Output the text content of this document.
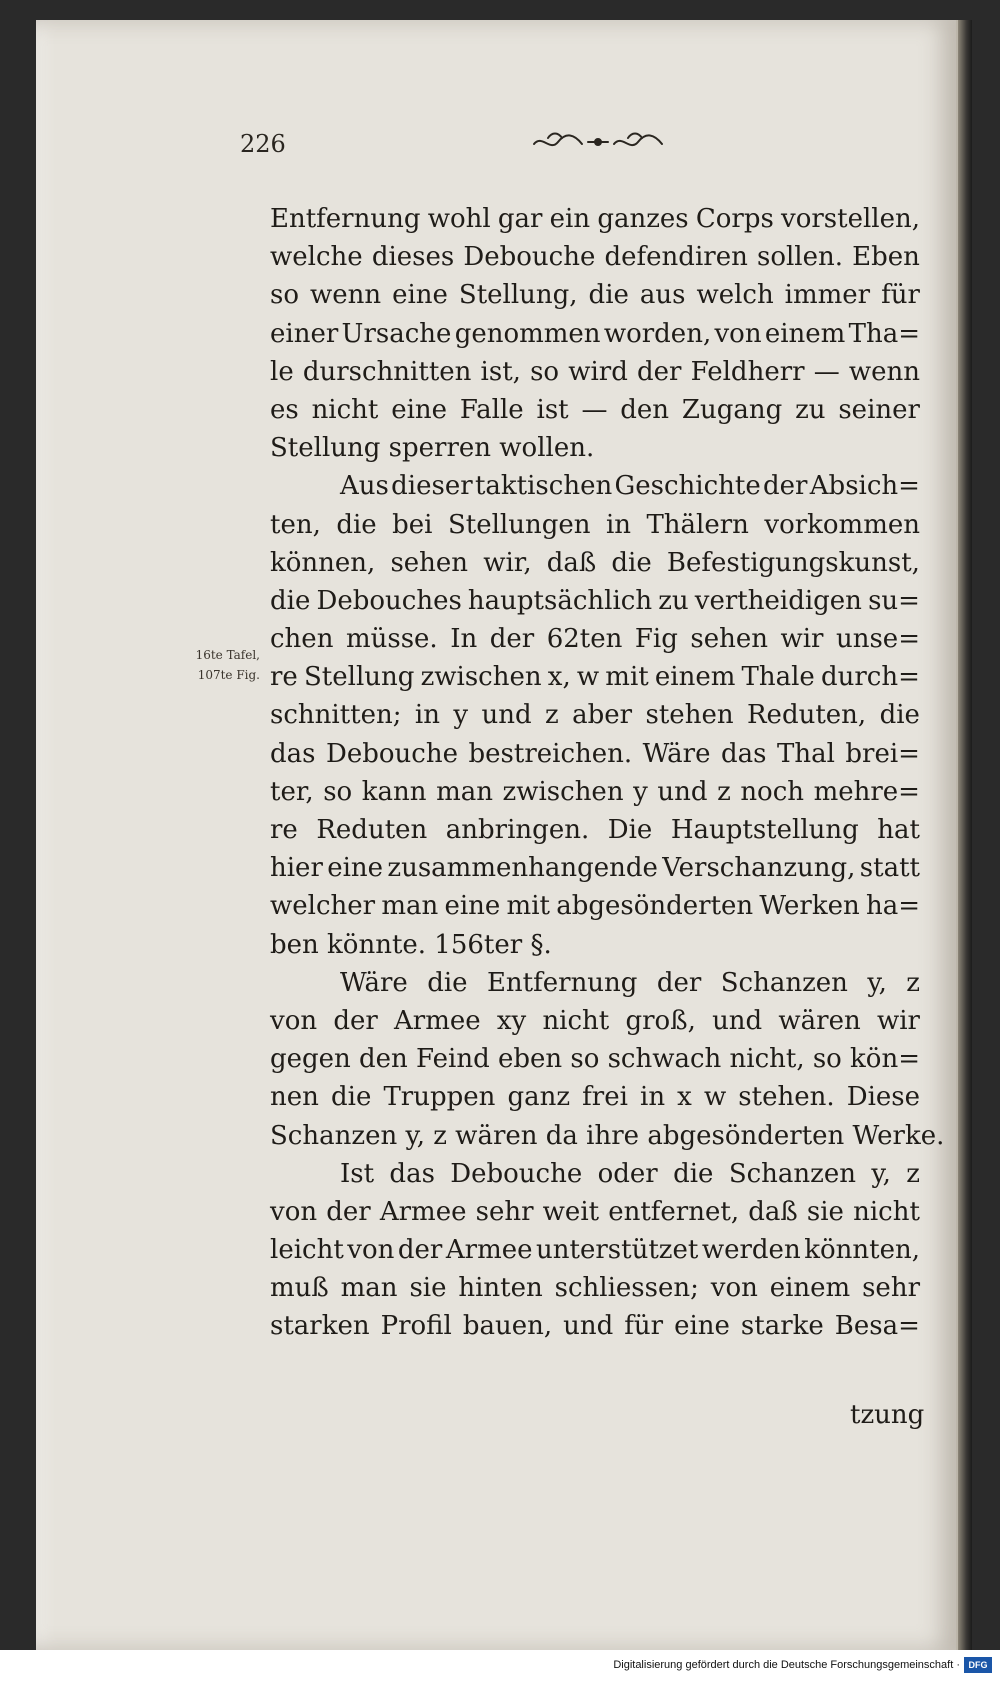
226
16te Tafel,
107te Fig.
Entfernung wohl gar ein ganzes Corps vorstellen,
welche dieses Debouche defendiren sollen. Eben
so wenn eine Stellung, die aus welch immer für
einer Ursache genommen worden, von einem Tha=
le durschnitten ist, so wird der Feldherr — wenn
es nicht eine Falle ist — den Zugang zu seiner
Stellung sperren wollen.
Aus dieser taktischen Geschichte der Absich=
ten, die bei Stellungen in Thälern vorkommen
können, sehen wir, daß die Befestigungskunst,
die Debouches hauptsächlich zu vertheidigen su=
chen müsse. In der 62ten Fig sehen wir unse=
re Stellung zwischen x, w mit einem Thale durch=
schnitten; in y und z aber stehen Reduten, die
das Debouche bestreichen. Wäre das Thal brei=
ter, so kann man zwischen y und z noch mehre=
re Reduten anbringen. Die Hauptstellung hat
hier eine zusammenhangende Verschanzung, statt
welcher man eine mit abgesönderten Werken ha=
ben könnte. 156ter §.
Wäre die Entfernung der Schanzen y, z
von der Armee xy nicht groß, und wären wir
gegen den Feind eben so schwach nicht, so kön=
nen die Truppen ganz frei in x w stehen. Diese
Schanzen y, z wären da ihre abgesönderten Werke.
Ist das Debouche oder die Schanzen y, z
von der Armee sehr weit entfernet, daß sie nicht
leicht von der Armee unterstützet werden könnten,
muß man sie hinten schliessen; von einem sehr
starken Profil bauen, und für eine starke Besa=
tzung
Digitalisierung gefördert durch die Deutsche Forschungsgemeinschaft · DFG
